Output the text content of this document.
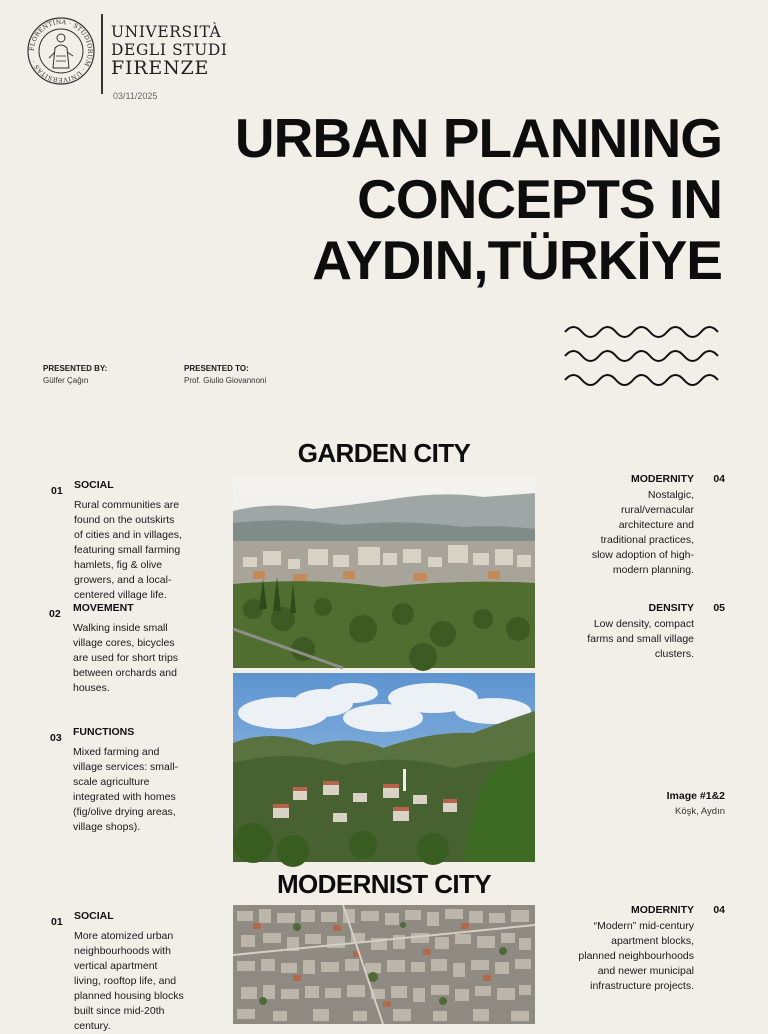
FLORENTINA · STUDIORUM · UNIVERSITAS ·
UNIVERSITÀ
DEGLI STUDI
FIRENZE
03/11/2025
URBAN PLANNING
CONCEPTS IN
AYDIN,TÜRKİYE
PRESENTED BY:
Gülfer Çağın
PRESENTED TO:
Prof. Giulio Giovannoni
GARDEN CITY
01 SOCIAL
Rural communities are
found on the outskirts
of cities and in villages,
featuring small farming
hamlets, fig & olive
growers, and a local-
centered village life.
02 MOVEMENT
Walking inside small
village cores, bicycles
are used for short trips
between orchards and
houses.
03 FUNCTIONS
Mixed farming and
village services: small-
scale agriculture
integrated with homes
(fig/olive drying areas,
village shops).
MODERNITY 04
Nostalgic,
rural/vernacular
architecture and
traditional practices,
slow adoption of high-
modern planning.
DENSITY 05
Low density, compact
farms and small village
clusters.
Image #1&2
Köşk, Aydın
MODERNIST CITY
01 SOCIAL
More atomized urban
neighbourhoods with
vertical apartment
living, rooftop life, and
planned housing blocks
built since mid-20th
century.
MODERNITY 04
“Modern” mid-century
apartment blocks,
planned neighbourhoods
and newer municipal
infrastructure projects.
